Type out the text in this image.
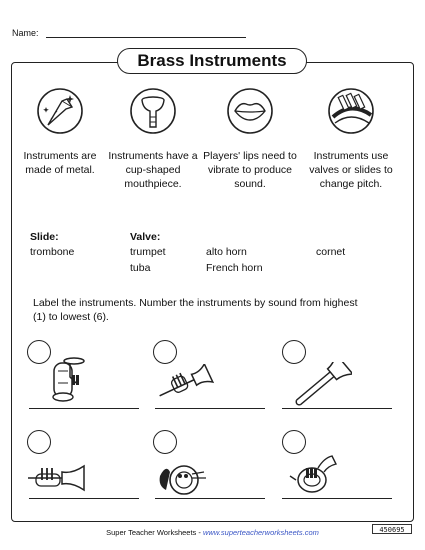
Name:
Brass Instruments
Instruments are made of metal.
Instruments have a cup-shaped mouthpiece.
Players' lips need to vibrate to produce sound.
Instruments use valves or slides to change pitch.
Slide:
trombone
Valve:
trumpet	alto horn	cornet
tuba	French horn
Label the instruments. Number the instruments by sound from highest (1) to lowest (6).
Super Teacher Worksheets - www.superteacherworksheets.com	450695
